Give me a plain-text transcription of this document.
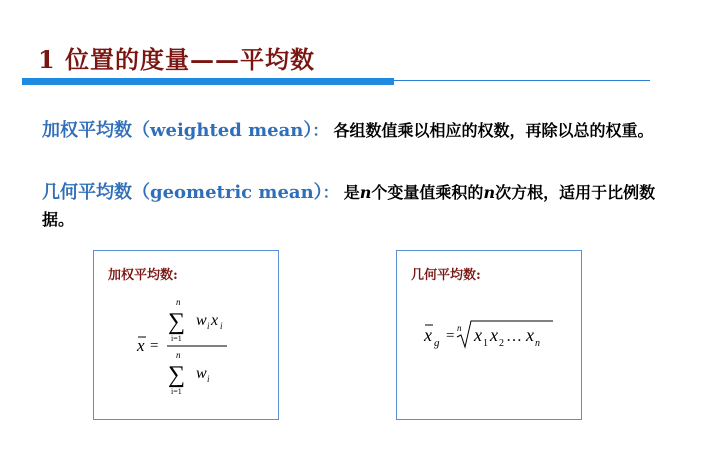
1 位置的度量——平均数
加权平均数（weighted mean）： 各组数值乘以相应的权数，再除以总的权重。
几何平均数（geometric mean）： 是n个变量值乘积的n次方根，适用于比例数据。
加权平均数:
x =
n
∑
i=1
w i x i
n
∑
i=1
w i
几何平均数:
x g = n x 1 x 2 … x n
